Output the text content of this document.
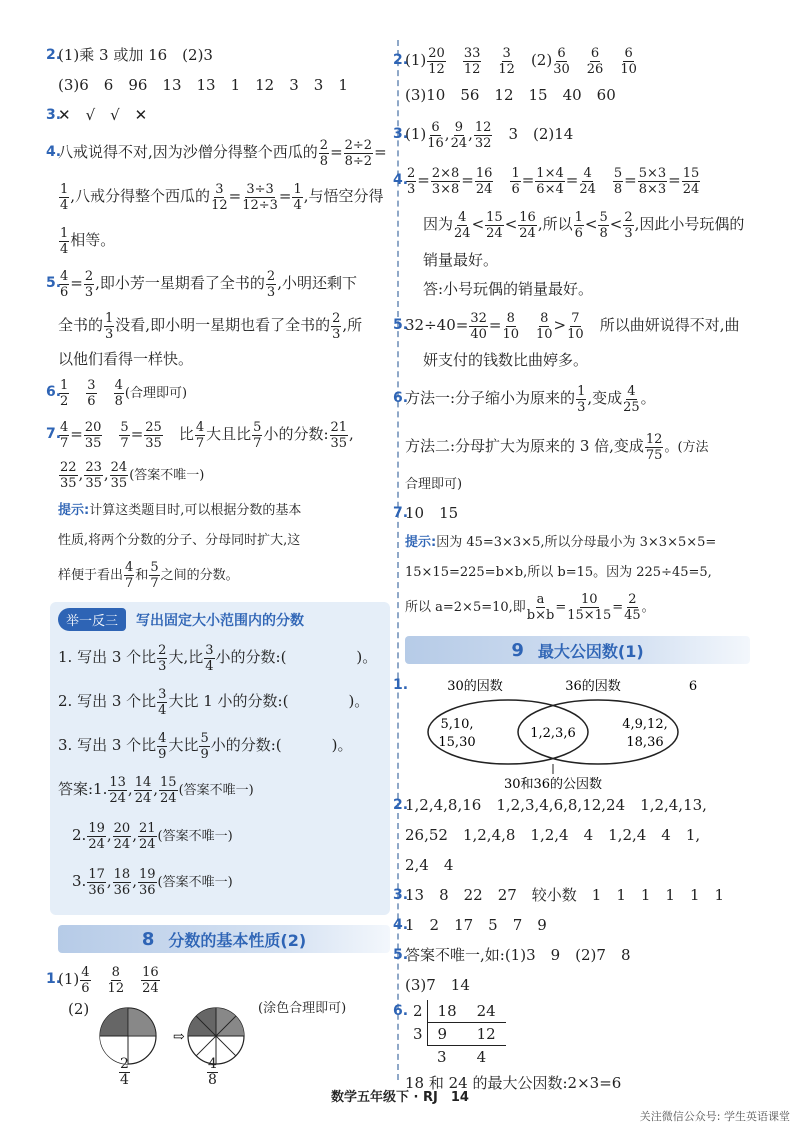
2.
(1)乘 3 或加 16　(2)3
(3)6　6　96　13　13　1　12　3　3　1
3.
✕　√　√　✕
4.
八戒说得不对,因为沙僧分得整个西瓜的 $\frac{2}{8} = \frac{2\div 2}{8\div 2}$ =
$\frac{1}{4}$ ,八戒分得整个西瓜的 $\frac{3}{12} = \frac{3\div 3}{12\div 3} = \frac{1}{4}$ ,与悟空分得
$\frac{1}{4}$ 相等。
5.
$\frac{4}{6} = \frac{2}{3}$ ,即小芳一星期看了全书的 $\frac{2}{3}$ ,小明还剩下
全书的 $\frac{1}{3}$ 没看,即小明一星期也看了全书的 $\frac{2}{3}$ ,所
以他们看得一样快。
6.
$\frac{1}{2}$
　 $\frac{3}{6}$
　 $\frac{4}{8}$ (合理即可)
7.
$\frac{4}{7} = \frac{20}{35}$
　 $\frac{5}{7} = \frac{25}{35}$
　 比 $\frac{4}{7}$ 大且比 $\frac{5}{7}$ 小的分数: $\frac{21}{35}$ ,
$\frac{22}{35}$ , $\frac{23}{35}$ , $\frac{24}{35}$ (答案不唯一)
提示:计算这类题目时,可以根据分数的基本
性质,将两个分数的分子、分母同时扩大,这
样便于看出 $\frac{4}{7}$ 和 $\frac{5}{7}$ 之间的分数。
举一反三	写出固定大小范围内的分数
1. 写出 3 个比 $\frac{2}{3}$ 大,比 $\frac{3}{4}$ 小的分数:(	)。
2. 写出 3 个比 $\frac{3}{4}$ 大比 1 小的分数:(	)。
3. 写出 3 个比 $\frac{4}{9}$ 大比 $\frac{5}{9}$ 小的分数:(	)。
答案:1. $\frac{13}{24}$ , $\frac{14}{24}$ , $\frac{15}{24}$ (答案不唯一)
2. $\frac{19}{24}$ , $\frac{20}{24}$ , $\frac{21}{24}$ (答案不唯一)
3. $\frac{17}{36}$ , $\frac{18}{36}$ , $\frac{19}{36}$ (答案不唯一)
8 分数的基本性质(2)
1.
$(1) \frac{4}{6}$
　 $\frac{8}{12}$
　 $\frac{16}{24}$
(2)
⇨
(涂色合理即可)
$\frac{2}{4}$	$\frac{4}{8}$
2.
$(1) \frac{20}{12}$
　 $\frac{33}{12}$
　 $\frac{3}{12}$
　 $(2) \frac{6}{30}$
　 $\frac{6}{26}$
　 $\frac{6}{10}$
(3)10　56　12　15　40　60
3.
$(1) \frac{6}{16}$ , $\frac{9}{24}$ , $\frac{12}{32}$
　 3　(2)14
4.
$\frac{2}{3} = \frac{2\times 8}{3\times 8} = \frac{16}{24}$
　 $\frac{1}{6} = \frac{1\times 4}{6\times 4} = \frac{4}{24}$
　 $\frac{5}{8} = \frac{5\times 3}{8\times 3} = \frac{15}{24}$
因为 $\frac{4}{24} < \frac{15}{24} < \frac{16}{24}$ ,所以 $\frac{1}{6} < \frac{5}{8} < \frac{2}{3}$ ,因此小号玩偶的
销量最好。
答:小号玩偶的销量最好。
5.
$32\div 40= \frac{32}{40} = \frac{8}{10}$
　 $\frac{8}{10} > \frac{7}{10}$
　 所以曲妍说得不对,曲
妍支付的钱数比曲婷多。
6.
方法一:分子缩小为原来的 $\frac{1}{3}$ ,变成 $\frac{4}{25}$ 。
方法二:分母扩大为原来的 3 倍,变成 $\frac{12}{75}$ 。(方法
合理即可)
7.
10　15
提示:因为 45=3×3×5,所以分母最小为 3×3×5×5=
15×15=225=b×b,所以 b=15。因为 225÷45=5,
所以 a=2×5=10,即 $\frac{a}{b\times b} = \frac{10}{15\times 15} = \frac{2}{45}$ 。
9 最大公因数(1)
1.	30的因数	36的因数	6
5,10,
15,30
1,2,3,6
4,9,12,
18,36
30和36的公因数
2.
1,2,4,8,16　1,2,3,4,6,8,12,24　1,2,4,13,
26,52　1,2,4,8　1,2,4　4　1,2,4　4　1,
2,4　4
3.
13　8　22　27　较小数　1　1　1　1　1　1
4.
1　2　17　5　7　9
5.
答案不唯一,如:(1)3　9　(2)7　8
(3)7　14
6. 2	18	24
3	9	12
	3	4
18 和 24 的最大公因数:2×3=6
数学五年级下 · RJ　14
关注微信公众号: 学生英语课堂
